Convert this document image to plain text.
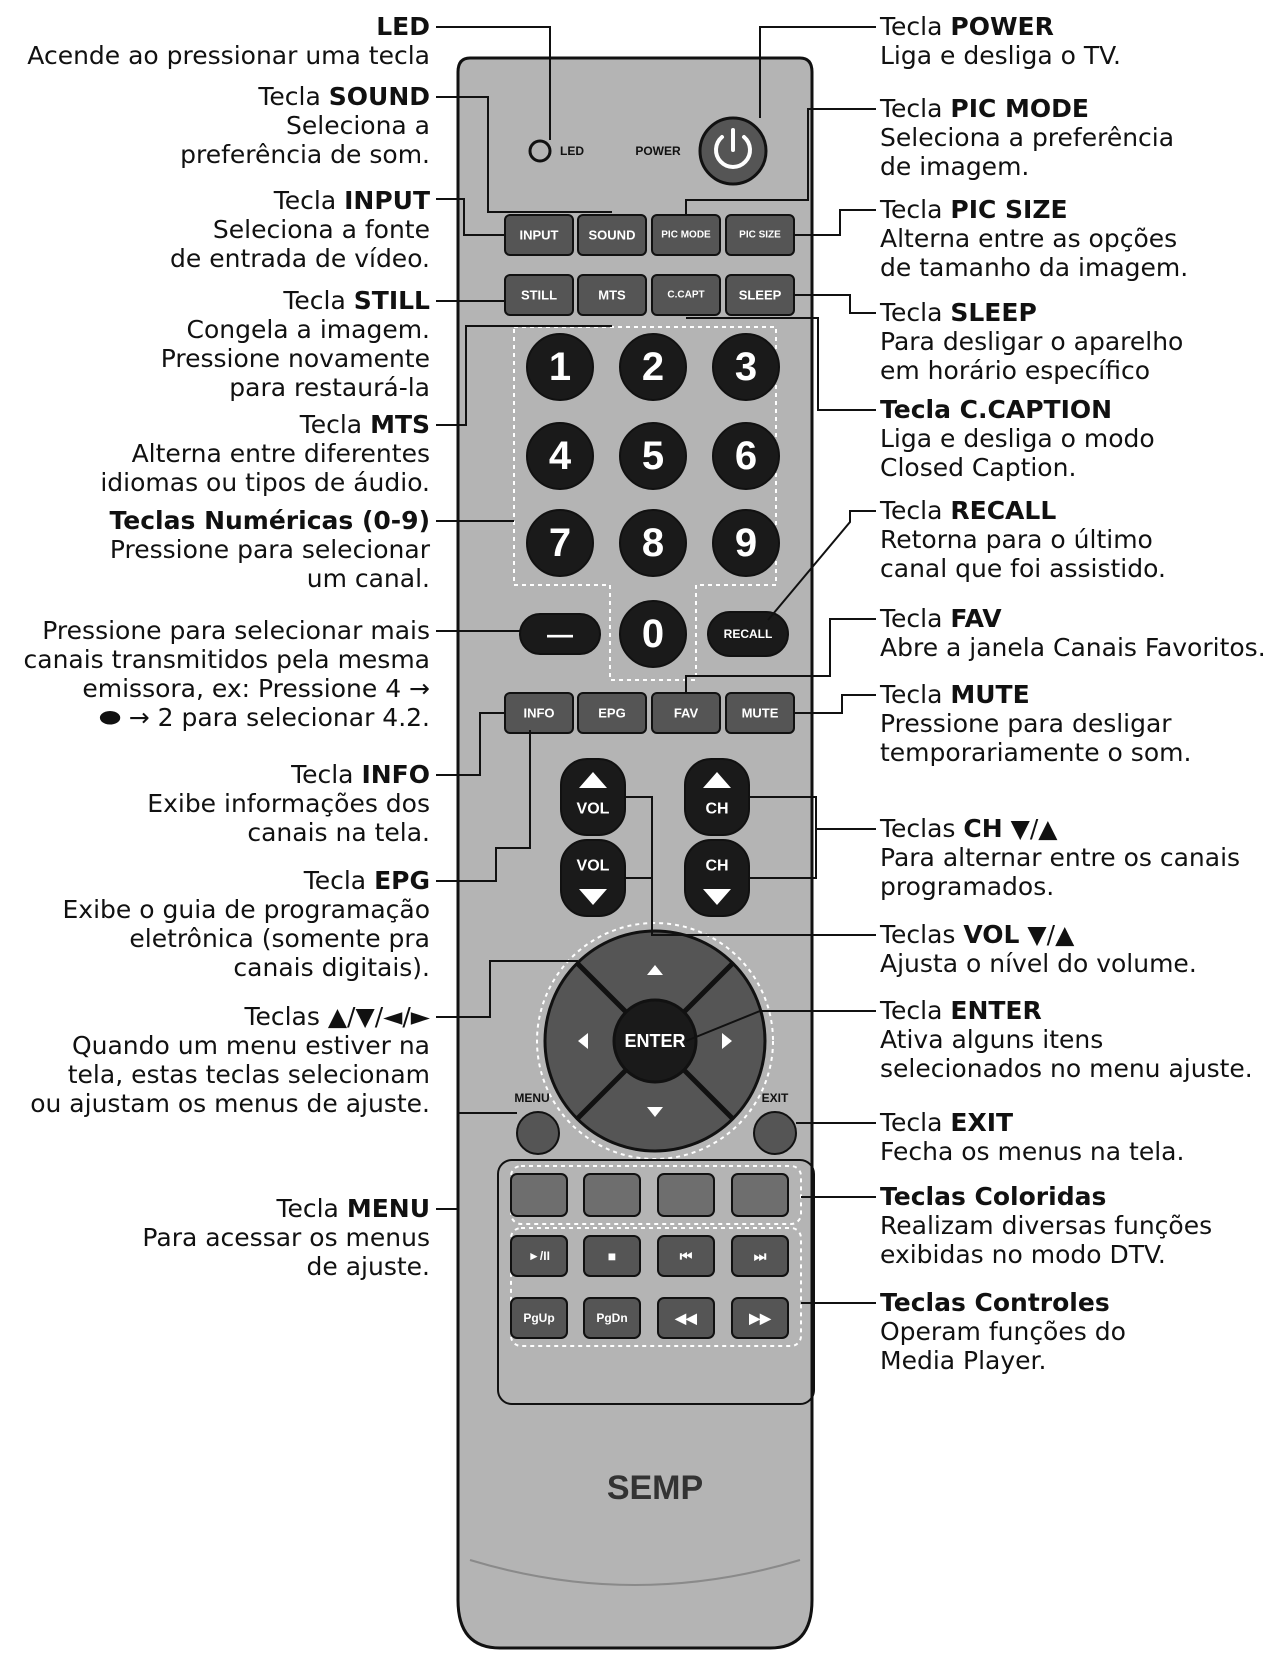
LED	POWER
INPUT SOUND	PIC MODE	PIC SIZE
STILL	MTS	C.CAPT	SLEEP
1 2 3
4 5 6
7 8 9
0
—	RECALL
INFO	EPG	FAV	MUTE
VOL
VOL
CH
CH
ENTER
MENU	EXIT
►/II	■	⏮	⏭
PgUp	PgDn	◀◀	▶▶
SEMP
LED
Acende ao pressionar uma tecla
Tecla SOUND
Seleciona a
preferência de som.
Tecla INPUT
Seleciona a fonte
de entrada de vídeo.
Tecla STILL
Congela a imagem.
Pressione novamente
para restaurá-la
Tecla MTS
Alterna entre diferentes
idiomas ou tipos de áudio.
Teclas Numéricas (0-9)
Pressione para selecionar
um canal.
Pressione para selecionar mais
canais transmitidos pela mesma
emissora, ex: Pressione 4 →
⬬ → 2 para selecionar 4.2.
Tecla INFO
Exibe informações dos
canais na tela.
Tecla EPG
Exibe o guia de programação
eletrônica (somente pra
canais digitais).
Teclas ▲/▼/◄/►
Quando um menu estiver na
tela, estas teclas selecionam
ou ajustam os menus de ajuste.
Tecla MENU
Para acessar os menus
de ajuste.
Tecla POWER
Liga e desliga o TV.
Tecla PIC MODE
Seleciona a preferência
de imagem.
Tecla PIC SIZE
Alterna entre as opções
de tamanho da imagem.
Tecla SLEEP
Para desligar o aparelho
em horário específico
Tecla C.CAPTION
Liga e desliga o modo
Closed Caption.
Tecla RECALL
Retorna para o último
canal que foi assistido.
Tecla FAV
Abre a janela Canais Favoritos.
Tecla MUTE
Pressione para desligar
temporariamente o som.
Teclas CH ▼/▲
Para alternar entre os canais
programados.
Teclas VOL ▼/▲
Ajusta o nível do volume.
Tecla ENTER
Ativa alguns itens
selecionados no menu ajuste.
Tecla EXIT
Fecha os menus na tela.
Teclas Coloridas
Realizam diversas funções
exibidas no modo DTV.
Teclas Controles
Operam funções do
Media Player.
